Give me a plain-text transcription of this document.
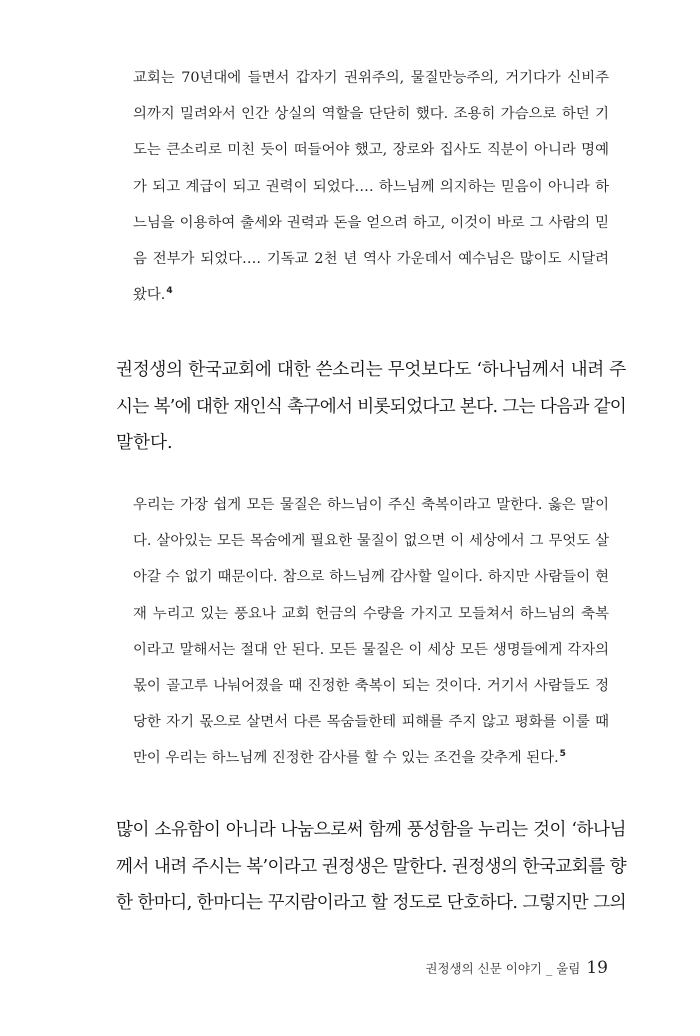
교회는 70년대에 들면서 갑자기 권위주의, 물질만능주의, 거기다가 신비주
의까지 밀려와서 인간 상실의 역할을 단단히 했다. 조용히 가슴으로 하던 기
도는 큰소리로 미친 듯이 떠들어야 했고, 장로와 집사도 직분이 아니라 명예
가 되고 계급이 되고 권력이 되었다…. 하느님께 의지하는 믿음이 아니라 하
느님을 이용하여 출세와 권력과 돈을 얻으려 하고, 이것이 바로 그 사람의 믿
음 전부가 되었다…. 기독교 2천 년 역사 가운데서 예수님은 많이도 시달려
왔다.$^4$
권정생의 한국교회에 대한 쓴소리는 무엇보다도 ‘하나님께서 내려 주
시는 복’에 대한 재인식 촉구에서 비롯되었다고 본다. 그는 다음과 같이
말한다.
우리는 가장 쉽게 모든 물질은 하느님이 주신 축복이라고 말한다. 옳은 말이
다. 살아있는 모든 목숨에게 필요한 물질이 없으면 이 세상에서 그 무엇도 살
아갈 수 없기 때문이다. 참으로 하느님께 감사할 일이다. 하지만 사람들이 현
재 누리고 있는 풍요나 교회 헌금의 수량을 가지고 모들쳐서 하느님의 축복
이라고 말해서는 절대 안 된다. 모든 물질은 이 세상 모든 생명들에게 각자의
몫이 골고루 나눠어졌을 때 진정한 축복이 되는 것이다. 거기서 사람들도 정
당한 자기 몫으로 살면서 다른 목숨들한테 피해를 주지 않고 평화를 이룰 때
만이 우리는 하느님께 진정한 감사를 할 수 있는 조건을 갖추게 된다.$^5$
많이 소유함이 아니라 나눔으로써 함께 풍성함을 누리는 것이 ‘하나님
께서 내려 주시는 복’이라고 권정생은 말한다. 권정생의 한국교회를 향
한 한마디, 한마디는 꾸지람이라고 할 정도로 단호하다. 그렇지만 그의
권정생의 신문 이야기 _ 울림 19
